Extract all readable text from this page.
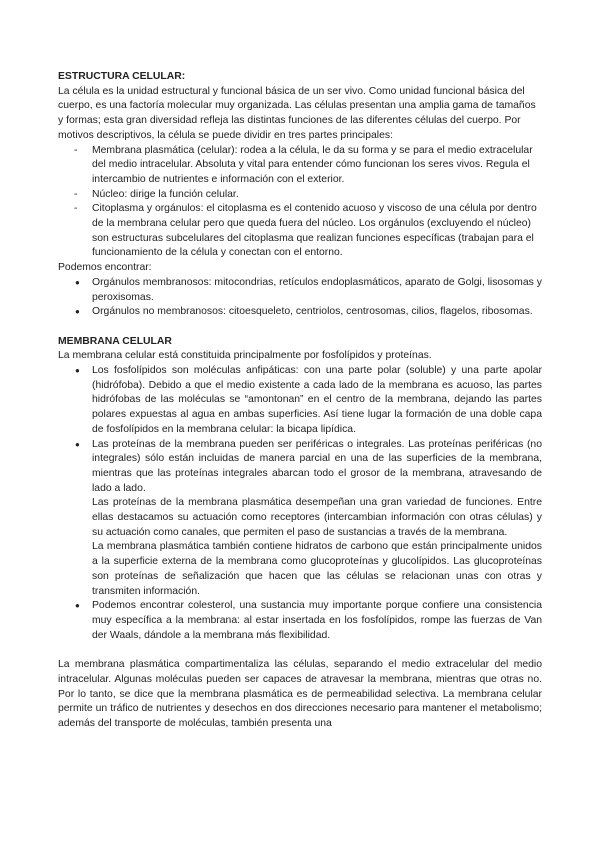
ESTRUCTURA CELULAR:

La célula es la unidad estructural y funcional básica de un ser vivo. Como unidad funcional básica del cuerpo, es una factoría molecular muy organizada. Las células presentan una amplia gama de tamaños y formas; esta gran diversidad refleja las distintas funciones de las diferentes células del cuerpo. Por motivos descriptivos, la célula se puede dividir en tres partes principales:

-	Membrana plasmática (celular): rodea a la célula, le da su forma y se para el medio extracelular del medio intracelular. Absoluta y vital para entender cómo funcionan los seres vivos. Regula el intercambio de nutrientes e información con el exterior.
-	Núcleo: dirige la función celular.
-	Citoplasma y orgánulos: el citoplasma es el contenido acuoso y viscoso de una célula por dentro de la membrana celular pero que queda fuera del núcleo. Los orgánulos (excluyendo el núcleo) son estructuras subcelulares del citoplasma que realizan funciones específicas (trabajan para el funcionamiento de la célula y conectan con el entorno.

Podemos encontrar:

● Orgánulos membranosos: mitocondrias, retículos endoplasmáticos, aparato de Golgi, lisosomas y peroxisomas.
● Orgánulos no membranosos: citoesqueleto, centriolos, centrosomas, cilios, flagelos, ribosomas.

MEMBRANA CELULAR

La membrana celular está constituida principalmente por fosfolípidos y proteínas.

● Los fosfolípidos son moléculas anfipáticas: con una parte polar (soluble) y una parte apolar (hidrófoba). Debido a que el medio existente a cada lado de la membrana es acuoso, las partes hidrófobas de las moléculas se “amontonan” en el centro de la membrana, dejando las partes polares expuestas al agua en ambas superficies. Así tiene lugar la formación de una doble capa de fosfolípidos en la membrana celular: la bicapa lipídica.
● Las proteínas de la membrana pueden ser periféricas o integrales. Las proteínas periféricas (no integrales) sólo están incluidas de manera parcial en una de las superficies de la membrana, mientras que las proteínas integrales abarcan todo el grosor de la membrana, atravesando de lado a lado.
Las proteínas de la membrana plasmática desempeñan una gran variedad de funciones. Entre ellas destacamos su actuación como receptores (intercambian información con otras células) y su actuación como canales, que permiten el paso de sustancias a través de la membrana.
La membrana plasmática también contiene hidratos de carbono que están principalmente unidos a la superficie externa de la membrana como glucoproteínas y glucolípidos. Las glucoproteínas son proteínas de señalización que hacen que las células se relacionan unas con otras y transmiten información.
● Podemos encontrar colesterol, una sustancia muy importante porque confiere una consistencia muy específica a la membrana: al estar insertada en los fosfolípidos, rompe las fuerzas de Van der Waals, dándole a la membrana más flexibilidad.

La membrana plasmática compartimentaliza las células, separando el medio extracelular del medio intracelular. Algunas moléculas pueden ser capaces de atravesar la membrana, mientras que otras no. Por lo tanto, se dice que la membrana plasmática es de permeabilidad selectiva. La membrana celular permite un tráfico de nutrientes y desechos en dos direcciones necesario para mantener el metabolismo; además del transporte de moléculas, también presenta una
